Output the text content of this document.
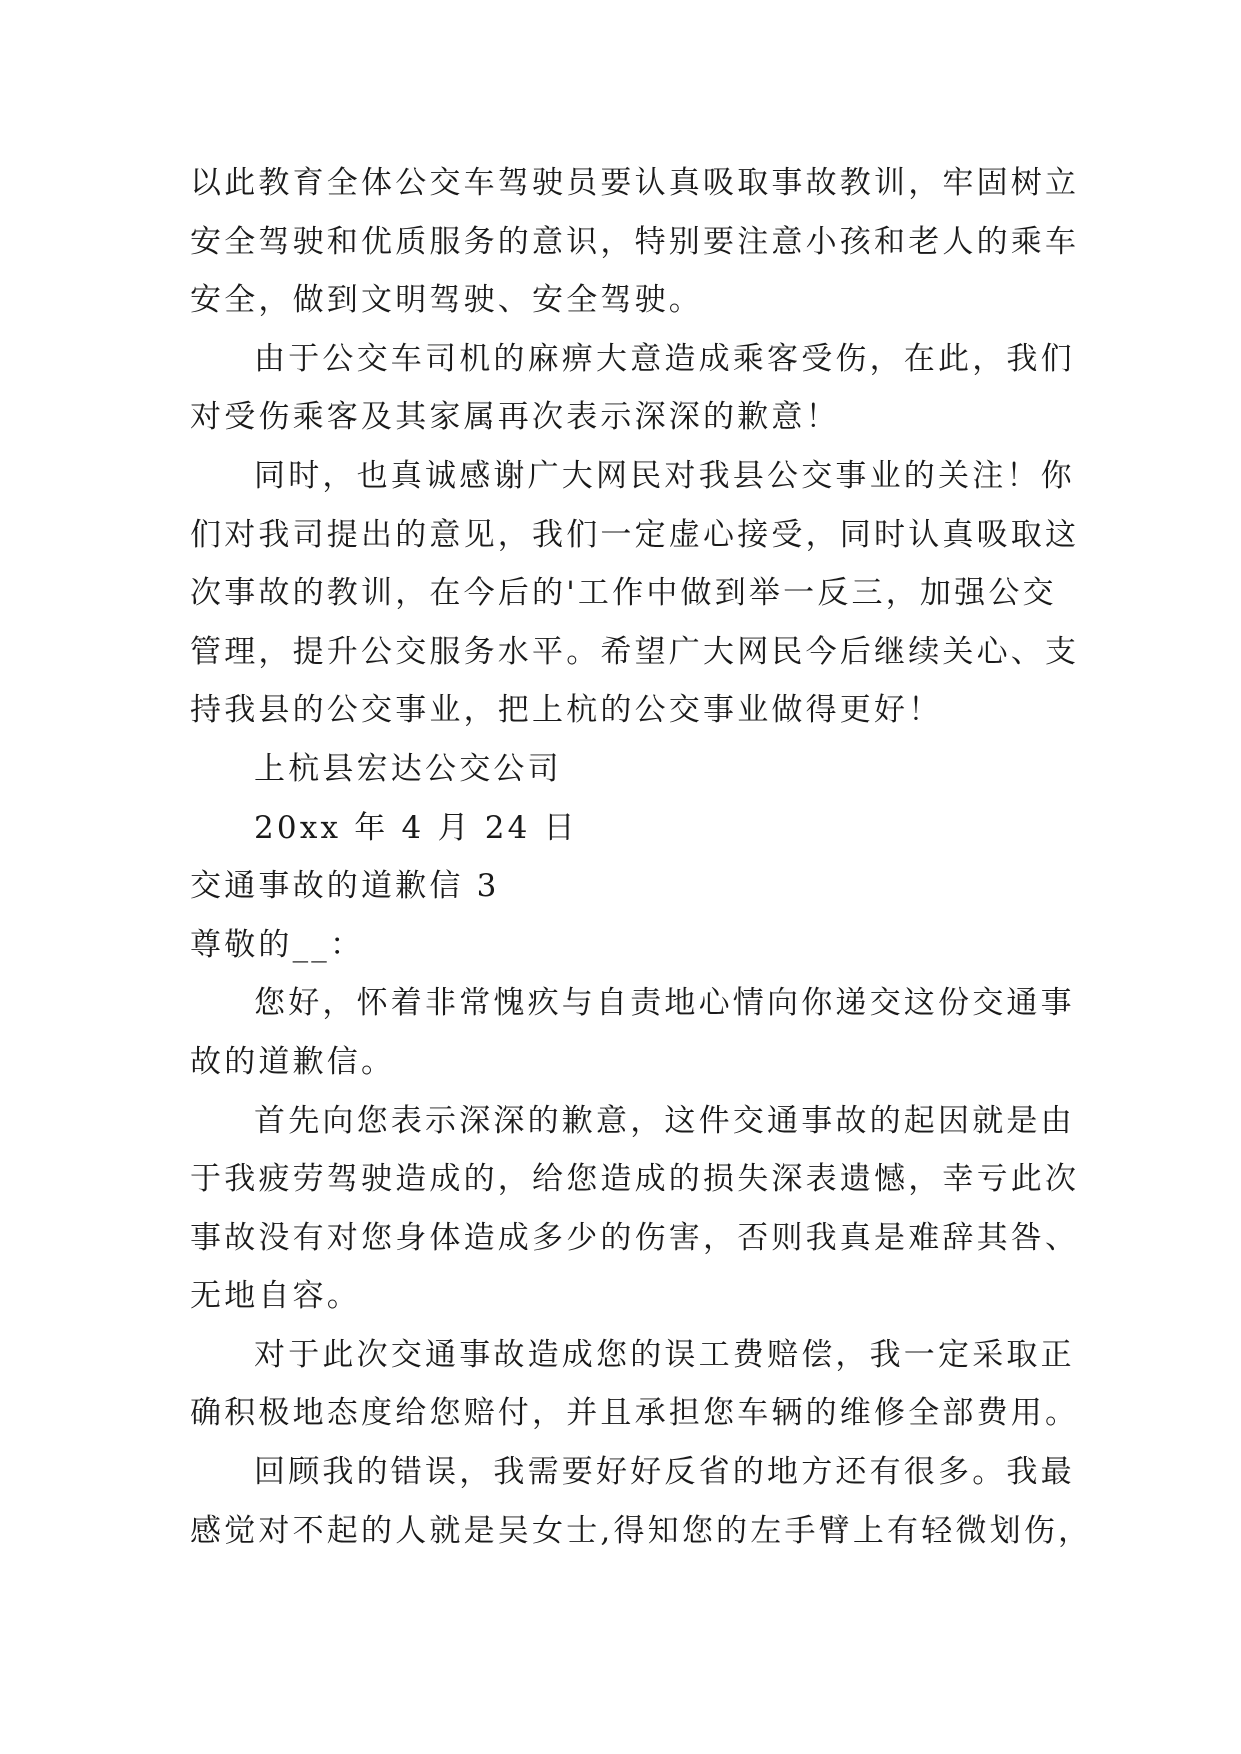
以此教育全体公交车驾驶员要认真吸取事故教训，牢固树立
安全驾驶和优质服务的意识，特别要注意小孩和老人的乘车
安全，做到文明驾驶、安全驾驶。
由于公交车司机的麻痹大意造成乘客受伤，在此，我们
对受伤乘客及其家属再次表示深深的歉意！
同时，也真诚感谢广大网民对我县公交事业的关注！你
们对我司提出的意见，我们一定虚心接受，同时认真吸取这
次事故的教训，在今后的'工作中做到举一反三，加强公交
管理，提升公交服务水平。希望广大网民今后继续关心、支
持我县的公交事业，把上杭的公交事业做得更好！
上杭县宏达公交公司
20xx 年 4 月 24 日
交通事故的道歉信 3
尊敬的__：
您好，怀着非常愧疚与自责地心情向你递交这份交通事
故的道歉信。
首先向您表示深深的歉意，这件交通事故的起因就是由
于我疲劳驾驶造成的，给您造成的损失深表遗憾，幸亏此次
事故没有对您身体造成多少的伤害，否则我真是难辞其咎、
无地自容。
对于此次交通事故造成您的误工费赔偿，我一定采取正
确积极地态度给您赔付，并且承担您车辆的维修全部费用。
回顾我的错误，我需要好好反省的地方还有很多。我最
感觉对不起的人就是吴女士,得知您的左手臂上有轻微划伤，
